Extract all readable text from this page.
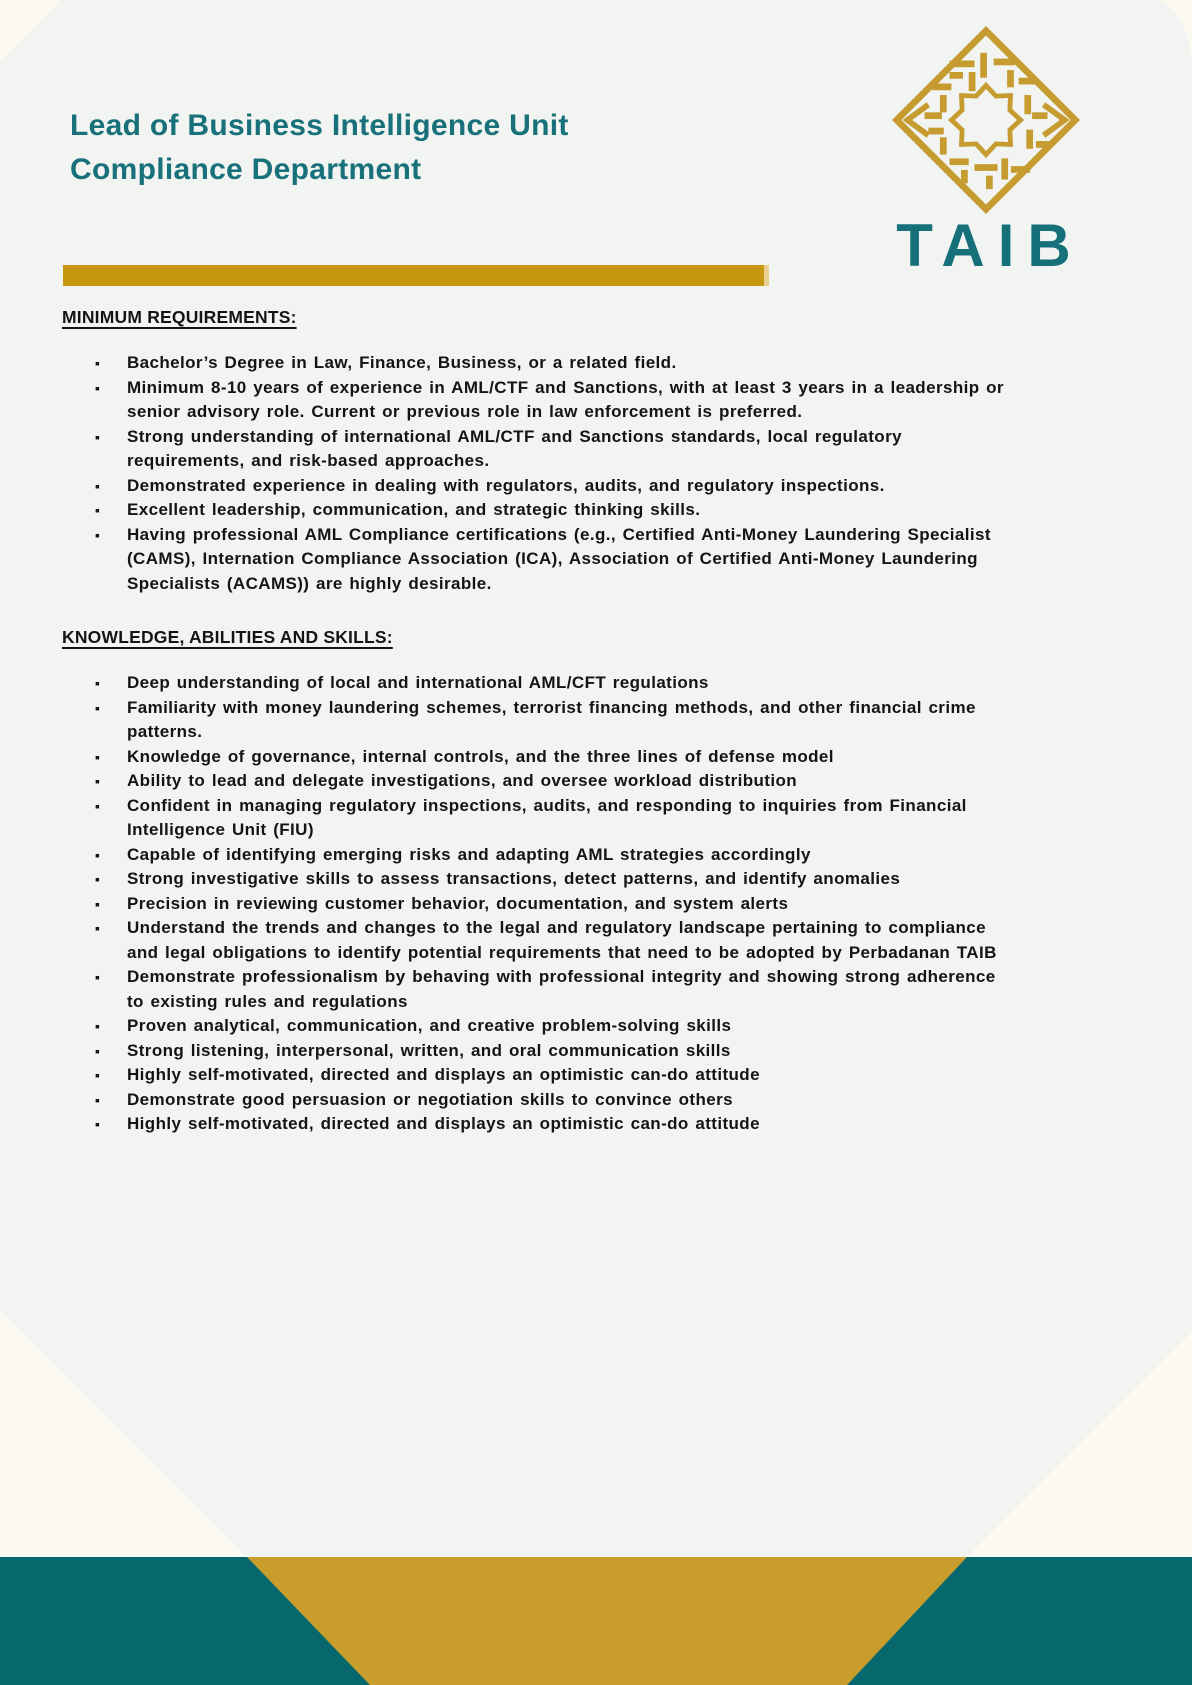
Lead of Business Intelligence Unit
Compliance Department
TAIB
MINIMUM REQUIREMENTS:
▪ Bachelor’s Degree in Law, Finance, Business, or a related field.
▪ Minimum 8-10 years of experience in AML/CTF and Sanctions, with at least 3 years in a leadership or senior advisory role. Current or previous role in law enforcement is preferred.
▪ Strong understanding of international AML/CTF and Sanctions standards, local regulatory requirements, and risk-based approaches.
▪ Demonstrated experience in dealing with regulators, audits, and regulatory inspections.
▪ Excellent leadership, communication, and strategic thinking skills.
▪ Having professional AML Compliance certifications (e.g., Certified Anti-Money Laundering Specialist (CAMS), Internation Compliance Association (ICA), Association of Certified Anti-Money Laundering Specialists (ACAMS)) are highly desirable.
KNOWLEDGE, ABILITIES AND SKILLS:
▪ Deep understanding of local and international AML/CFT regulations
▪ Familiarity with money laundering schemes, terrorist financing methods, and other financial crime patterns.
▪ Knowledge of governance, internal controls, and the three lines of defense model
▪ Ability to lead and delegate investigations, and oversee workload distribution
▪ Confident in managing regulatory inspections, audits, and responding to inquiries from Financial Intelligence Unit (FIU)
▪ Capable of identifying emerging risks and adapting AML strategies accordingly
▪ Strong investigative skills to assess transactions, detect patterns, and identify anomalies
▪ Precision in reviewing customer behavior, documentation, and system alerts
▪ Understand the trends and changes to the legal and regulatory landscape pertaining to compliance and legal obligations to identify potential requirements that need to be adopted by Perbadanan TAIB
▪ Demonstrate professionalism by behaving with professional integrity and showing strong adherence to existing rules and regulations
▪ Proven analytical, communication, and creative problem-solving skills
▪ Strong listening, interpersonal, written, and oral communication skills
▪ Highly self-motivated, directed and displays an optimistic can-do attitude
▪ Demonstrate good persuasion or negotiation skills to convince others
▪ Highly self-motivated, directed and displays an optimistic can-do attitude
